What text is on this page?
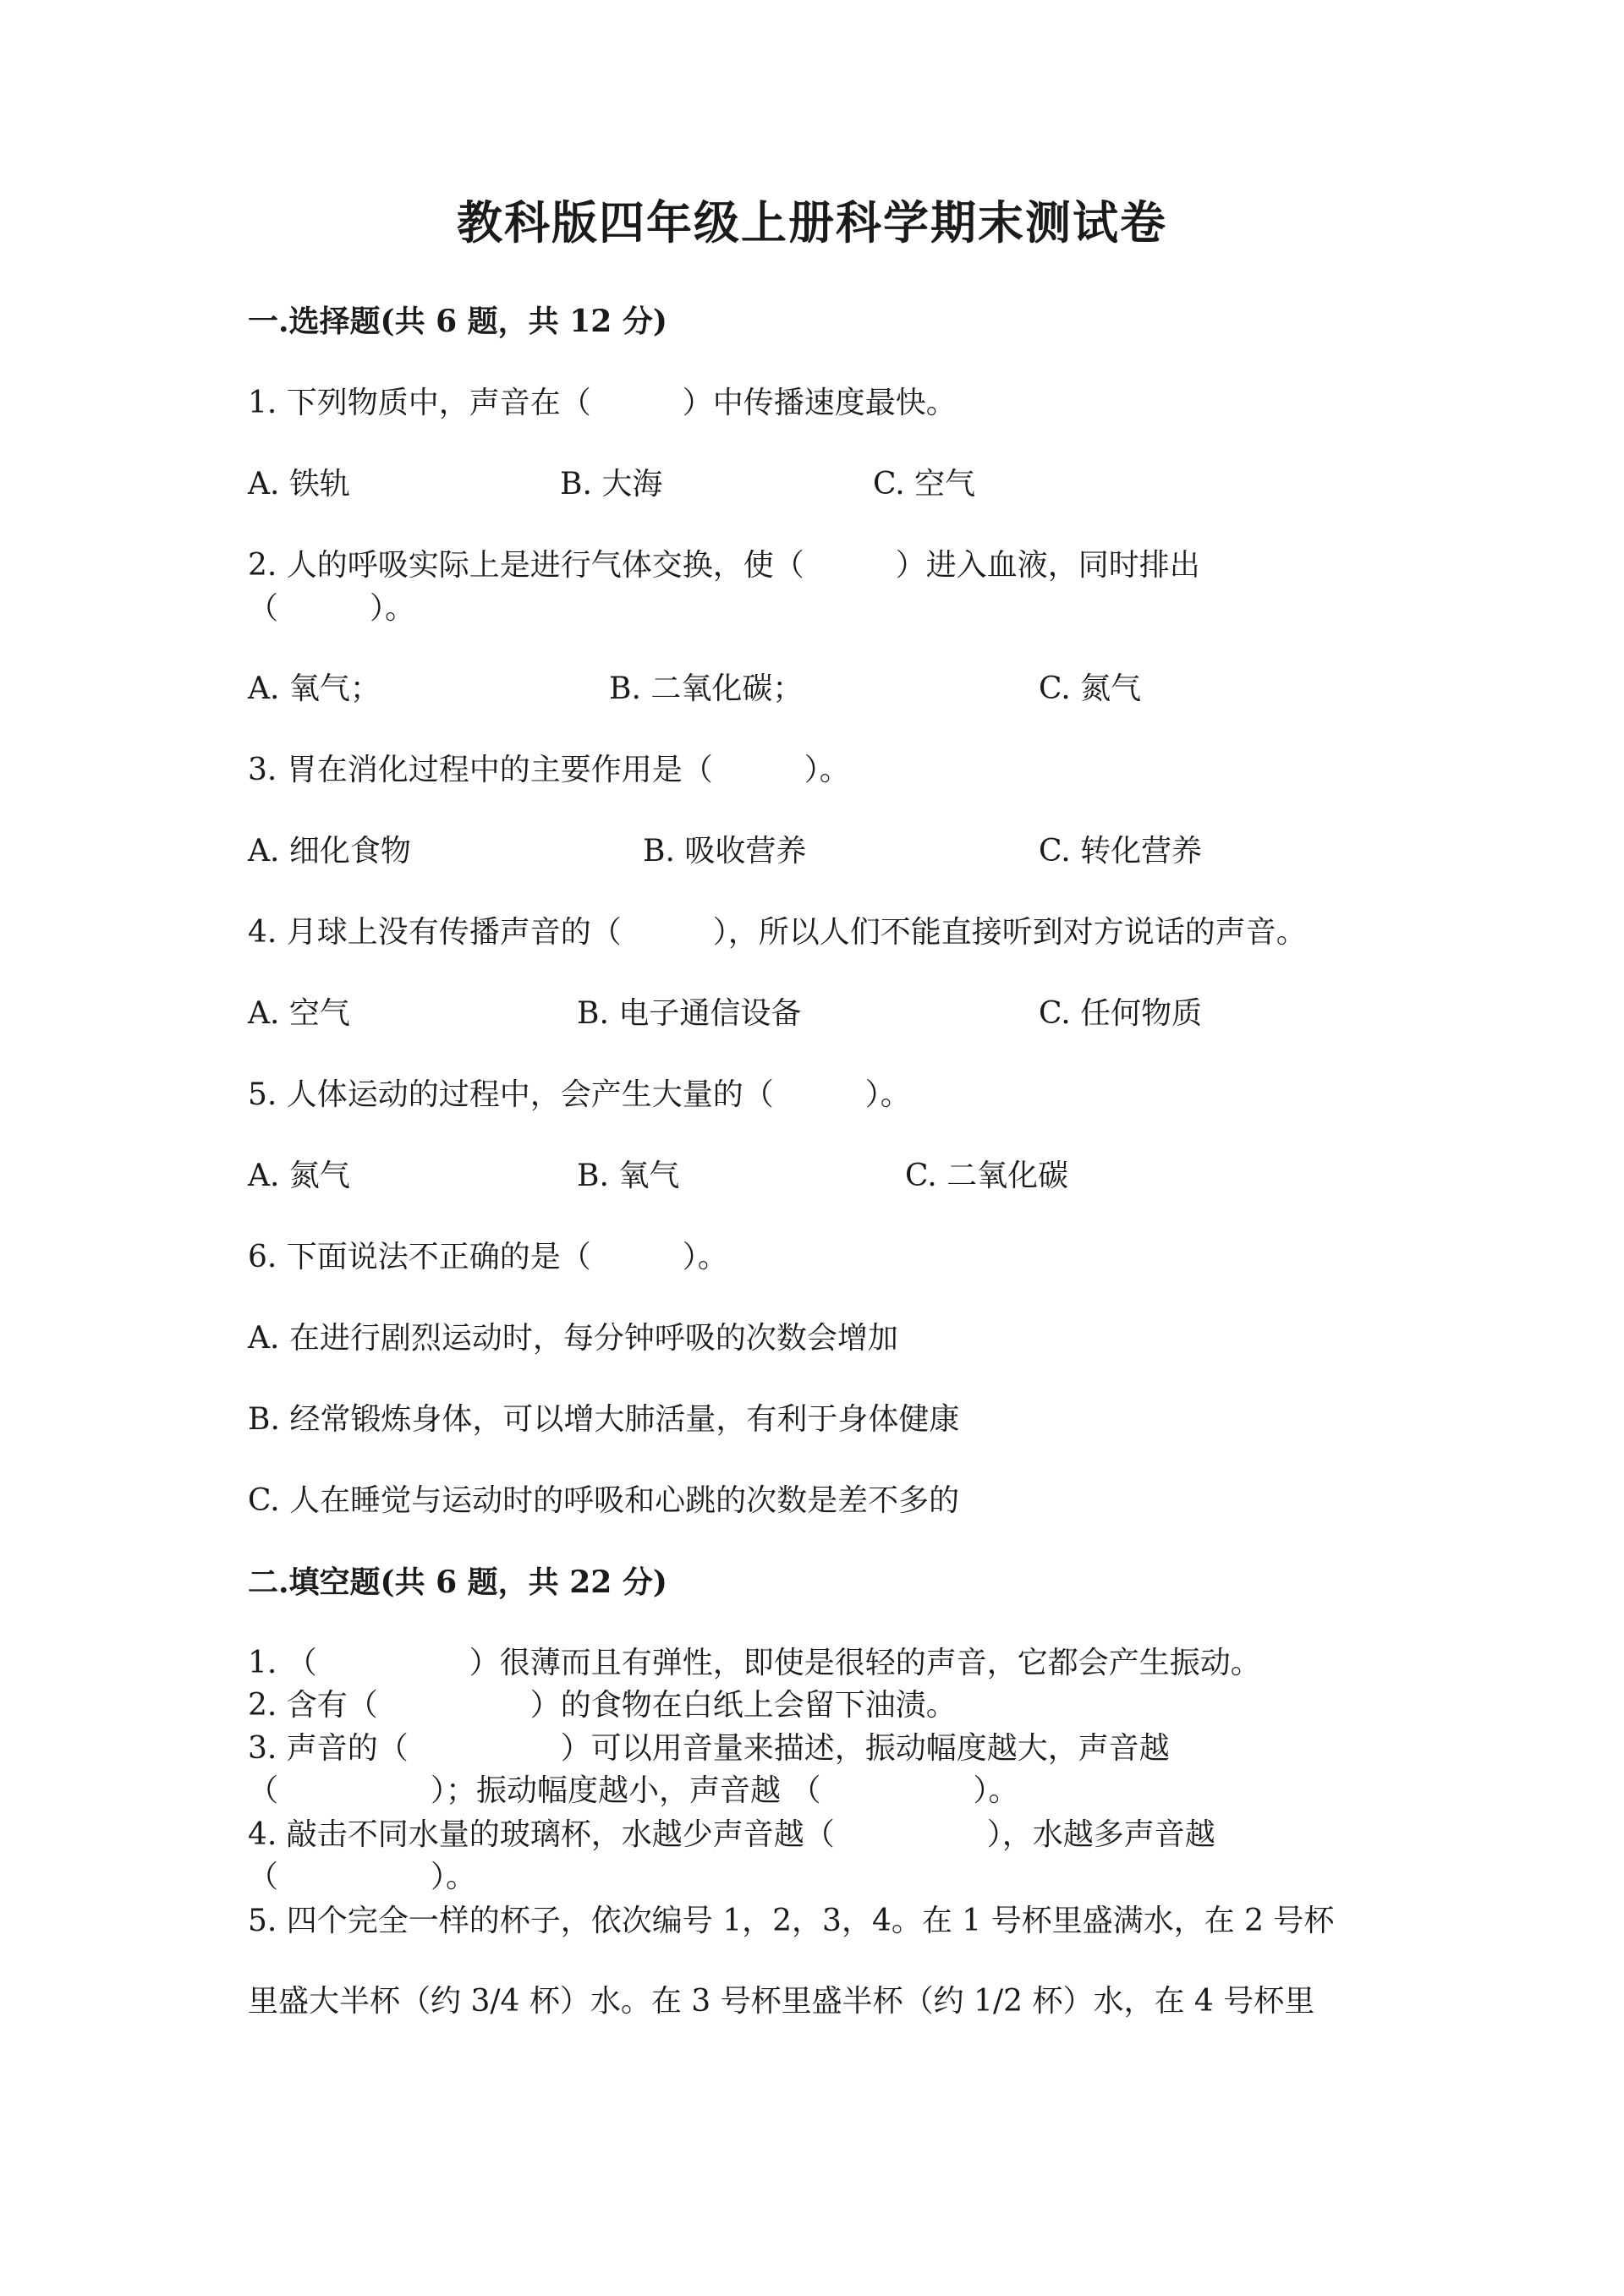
教科版四年级上册科学期末测试卷
一.选择题(共 6 题，共 12 分)
1. 下列物质中，声音在（　　　）中传播速度最快。
A. 铁轨	B. 大海	C. 空气
2. 人的呼吸实际上是进行气体交换，使（　　　）进入血液，同时排出
（　　　）。
A. 氧气；	B. 二氧化碳；	C. 氮气
3. 胃在消化过程中的主要作用是（　　　）。
A. 细化食物	B. 吸收营养	C. 转化营养
4. 月球上没有传播声音的（　　　），所以人们不能直接听到对方说话的声音。
A. 空气	B. 电子通信设备	C. 任何物质
5. 人体运动的过程中，会产生大量的（　　　）。
A. 氮气	B. 氧气	C. 二氧化碳
6. 下面说法不正确的是（　　　）。
A. 在进行剧烈运动时，每分钟呼吸的次数会增加
B. 经常锻炼身体，可以增大肺活量，有利于身体健康
C. 人在睡觉与运动时的呼吸和心跳的次数是差不多的
二.填空题(共 6 题，共 22 分)
1. （　　　　　）很薄而且有弹性，即使是很轻的声音，它都会产生振动。
2. 含有（　　　　　）的食物在白纸上会留下油渍。
3. 声音的（　　　　　）可以用音量来描述，振动幅度越大，声音越
（　　　　　）；振动幅度越小，声音越 （　　　　　）。
4. 敲击不同水量的玻璃杯，水越少声音越（　　　　　），水越多声音越
（　　　　　）。
5. 四个完全一样的杯子，依次编号 1，2，3，4。在 1 号杯里盛满水，在 2 号杯
里盛大半杯（约 3/4 杯）水。在 3 号杯里盛半杯（约 1/2 杯）水，在 4 号杯里
